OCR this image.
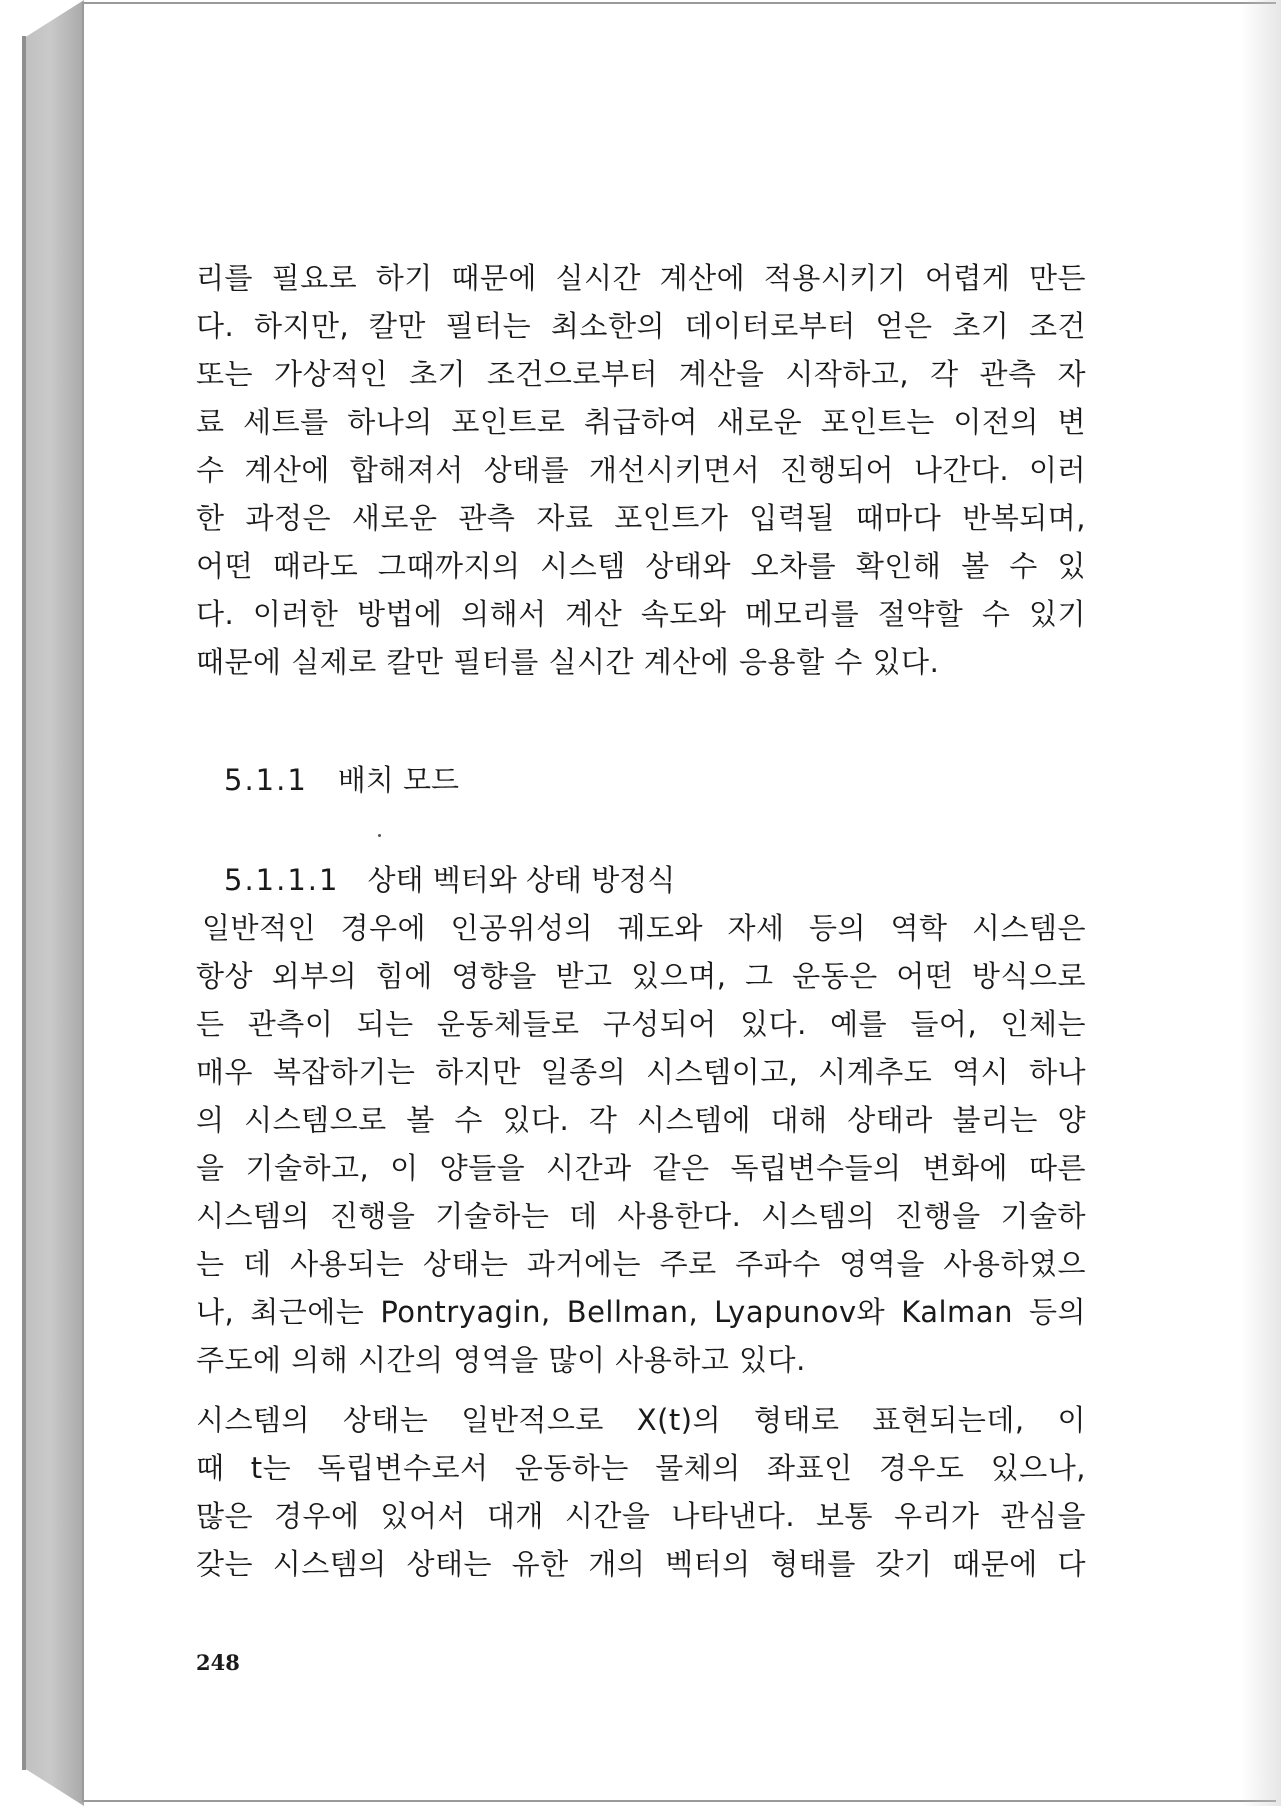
리를 필요로 하기 때문에 실시간 계산에 적용시키기 어렵게 만든
다. 하지만, 칼만 필터는 최소한의 데이터로부터 얻은 초기 조건
또는 가상적인 초기 조건으로부터 계산을 시작하고, 각 관측 자
료 세트를 하나의 포인트로 취급하여 새로운 포인트는 이전의 변
수 계산에 합해져서 상태를 개선시키면서 진행되어 나간다. 이러
한 과정은 새로운 관측 자료 포인트가 입력될 때마다 반복되며,
어떤 때라도 그때까지의 시스템 상태와 오차를 확인해 볼 수 있
다. 이러한 방법에 의해서 계산 속도와 메모리를 절약할 수 있기
때문에 실제로 칼만 필터를 실시간 계산에 응용할 수 있다.
5.1.1 배치 모드
5.1.1.1 상태 벡터와 상태 방정식
일반적인 경우에 인공위성의 궤도와 자세 등의 역학 시스템은
항상 외부의 힘에 영향을 받고 있으며, 그 운동은 어떤 방식으로
든 관측이 되는 운동체들로 구성되어 있다. 예를 들어, 인체는
매우 복잡하기는 하지만 일종의 시스템이고, 시계추도 역시 하나
의 시스템으로 볼 수 있다. 각 시스템에 대해 상태라 불리는 양
을 기술하고, 이 양들을 시간과 같은 독립변수들의 변화에 따른
시스템의 진행을 기술하는 데 사용한다. 시스템의 진행을 기술하
는 데 사용되는 상태는 과거에는 주로 주파수 영역을 사용하였으
나, 최근에는 Pontryagin, Bellman, Lyapunov와 Kalman 등의
주도에 의해 시간의 영역을 많이 사용하고 있다.
시스템의 상태는 일반적으로 X(t)의 형태로 표현되는데, 이
때 t는 독립변수로서 운동하는 물체의 좌표인 경우도 있으나,
많은 경우에 있어서 대개 시간을 나타낸다. 보통 우리가 관심을
갖는 시스템의 상태는 유한 개의 벡터의 형태를 갖기 때문에 다
248
